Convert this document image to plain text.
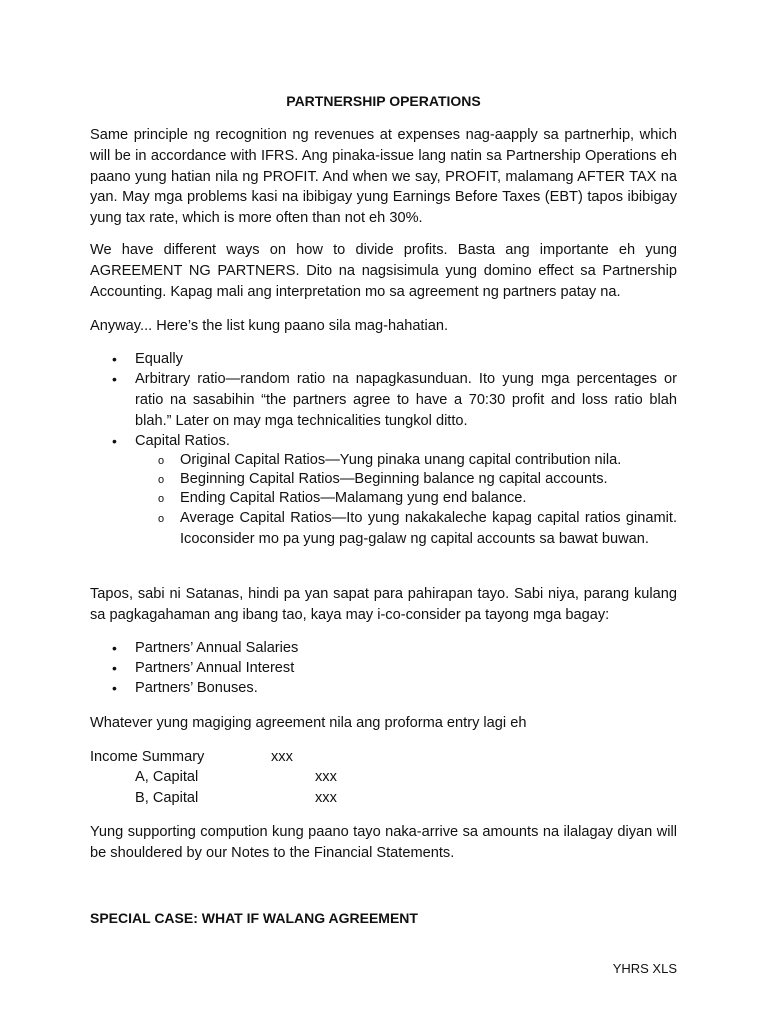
PARTNERSHIP OPERATIONS

Same principle ng recognition ng revenues at expenses nag-aapply sa partnerhip, which will be in accordance with IFRS. Ang pinaka-issue lang natin sa Partnership Operations eh paano yung hatian nila ng PROFIT. And when we say, PROFIT, malamang AFTER TAX na yan. May mga problems kasi na ibibigay yung Earnings Before Taxes (EBT) tapos ibibigay yung tax rate, which is more often than not eh 30%.

We have different ways on how to divide profits. Basta ang importante eh yung AGREEMENT NG PARTNERS. Dito na nagsisimula yung domino effect sa Partnership Accounting. Kapag mali ang interpretation mo sa agreement ng partners patay na.

Anyway... Here’s the list kung paano sila mag-hahatian.

• Equally
• Arbitrary ratio—random ratio na napagkasunduan. Ito yung mga percentages or ratio na sasabihin “the partners agree to have a 70:30 profit and loss ratio blah blah.” Later on may mga technicalities tungkol ditto.
• Capital Ratios.
o Original Capital Ratios—Yung pinaka unang capital contribution nila.
o Beginning Capital Ratios—Beginning balance ng capital accounts.
o Ending Capital Ratios—Malamang yung end balance.
o Average Capital Ratios—Ito yung nakakaleche kapag capital ratios ginamit. Icoconsider mo pa yung pag-galaw ng capital accounts sa bawat buwan.

Tapos, sabi ni Satanas, hindi pa yan sapat para pahirapan tayo. Sabi niya, parang kulang sa pagkagahaman ang ibang tao, kaya may i-co-consider pa tayong mga bagay:

• Partners’ Annual Salaries
• Partners’ Annual Interest
• Partners’ Bonuses.

Whatever yung magiging agreement nila ang proforma entry lagi eh

Income Summary	xxx
A, Capital	xxx
B, Capital	xxx

Yung supporting compution kung paano tayo naka-arrive sa amounts na ilalagay diyan will be shouldered by our Notes to the Financial Statements.

SPECIAL CASE: WHAT IF WALANG AGREEMENT
YHRS XLS
